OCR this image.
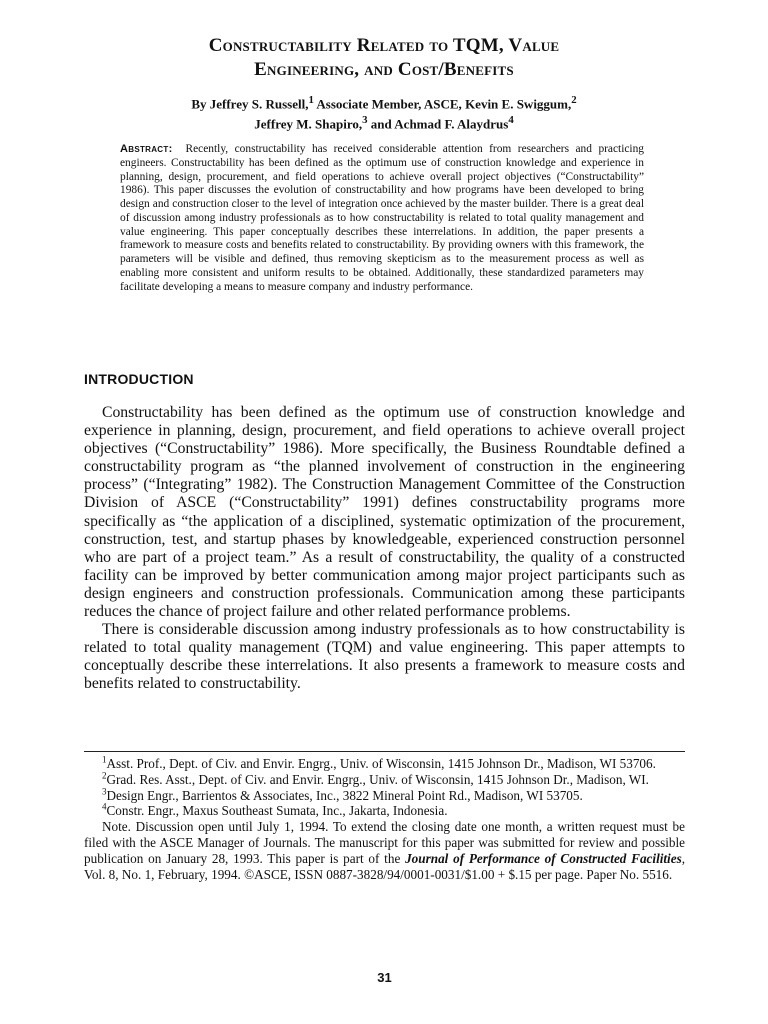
Constructability Related to TQM, Value
Engineering, and Cost/Benefits
By Jeffrey S. Russell,$^1$ Associate Member, ASCE, Kevin E. Swiggum,$^2$
Jeffrey M. Shapiro,$^3$ and Achmad F. Alaydrus$^4$

Abstract: Recently, constructability has received considerable attention from researchers and practicing engineers. Constructability has been defined as the optimum use of construction knowledge and experience in planning, design, procurement, and field operations to achieve overall project objectives (“Constructability” 1986). This paper discusses the evolution of constructability and how programs have been developed to bring design and construction closer to the level of integration once achieved by the master builder. There is a great deal of discussion among industry professionals as to how constructability is related to total quality management and value engineering. This paper conceptually describes these interrelations. In addition, the paper presents a framework to measure costs and benefits related to constructability. By providing owners with this framework, the parameters will be visible and defined, thus removing skepticism as to the measurement process as well as enabling more consistent and uniform results to be obtained. Additionally, these standardized parameters may facilitate developing a means to measure company and industry performance.

INTRODUCTION

Constructability has been defined as the optimum use of construction knowledge and experience in planning, design, procurement, and field operations to achieve overall project objectives (“Constructability” 1986). More specifically, the Business Roundtable defined a constructability program as “the planned involvement of construction in the engineering process” (“Integrating” 1982). The Construction Management Committee of the Construction Division of ASCE (“Constructability” 1991) defines constructability programs more specifically as “the application of a disciplined, systematic optimization of the procurement, construction, test, and startup phases by knowledgeable, experienced construction personnel who are part of a project team.” As a result of constructability, the quality of a constructed facility can be improved by better communication among major project participants such as design engineers and construction professionals. Communication among these participants reduces the chance of project failure and other related performance problems.

There is considerable discussion among industry professionals as to how constructability is related to total quality management (TQM) and value engineering. This paper attempts to conceptually describe these interrelations. It also presents a framework to measure costs and benefits related to constructability.

$^1$Asst. Prof., Dept. of Civ. and Envir. Engrg., Univ. of Wisconsin, 1415 Johnson Dr., Madison, WI 53706.

$^2$Grad. Res. Asst., Dept. of Civ. and Envir. Engrg., Univ. of Wisconsin, 1415 Johnson Dr., Madison, WI.

$^3$Design Engr., Barrientos & Associates, Inc., 3822 Mineral Point Rd., Madison, WI 53705.

$^4$Constr. Engr., Maxus Southeast Sumata, Inc., Jakarta, Indonesia.

Note. Discussion open until July 1, 1994. To extend the closing date one month, a written request must be filed with the ASCE Manager of Journals. The manuscript for this paper was submitted for review and possible publication on January 28, 1993. This paper is part of the Journal of Performance of Constructed Facilities, Vol. 8, No. 1, February, 1994. ©ASCE, ISSN 0887-3828/94/0001-0031/$1.00 + $.15 per page. Paper No. 5516.

31
